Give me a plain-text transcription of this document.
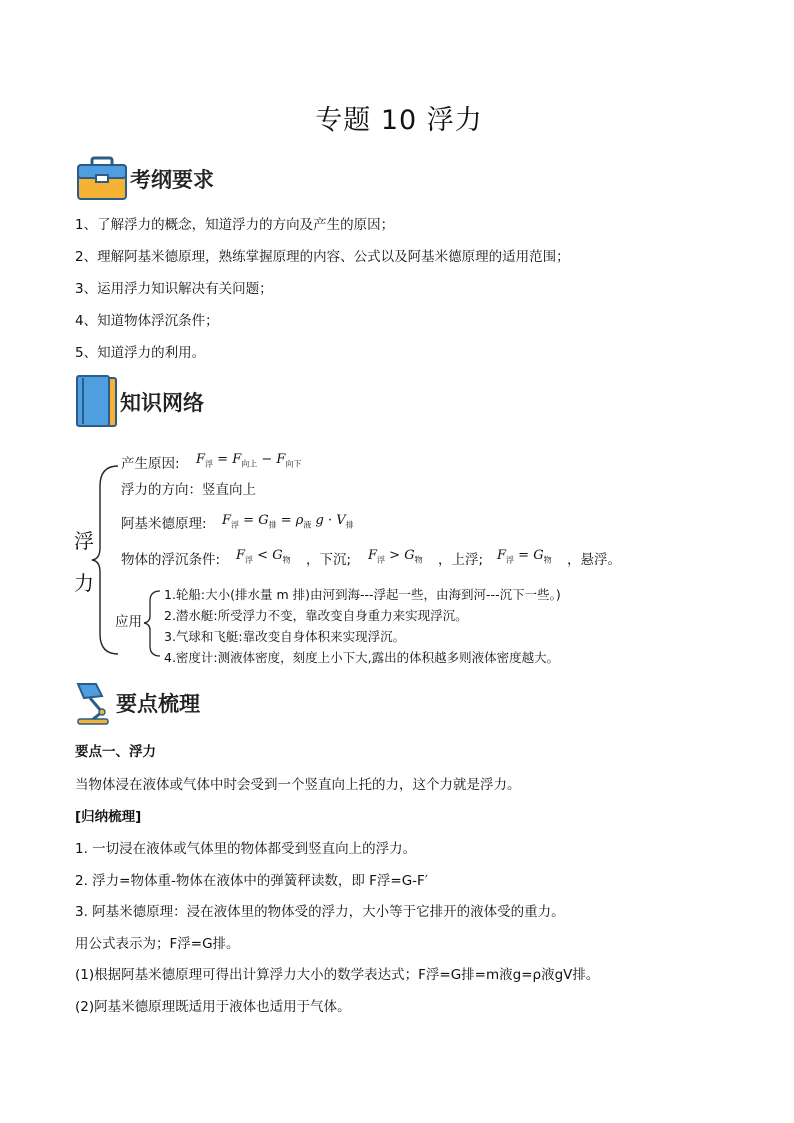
专题 10 浮力
考纲要求
1、了解浮力的概念，知道浮力的方向及产生的原因；
2、理解阿基米德原理，熟练掌握原理的内容、公式以及阿基米德原理的适用范围；
3、运用浮力知识解决有关问题；
4、知道物体浮沉条件；
5、知道浮力的利用。
知识网络
浮
力
产生原因: $F_浮 = F_{向上} - F_{向下}$
浮力的方向：竖直向上
阿基米德原理: $F_浮 = G_排 = \rho_液$ $g \cdot V_排$
物体的浮沉条件: $F_浮 < G_物$ ，下沉; $F_浮 > G_物$ ，上浮; $F_浮 = G_物$ ，悬浮。
应用
1.轮船:大小(排水量 m 排)由河到海---浮起一些，由海到河---沉下一些。)
2.潜水艇:所受浮力不变，靠改变自身重力来实现浮沉。
3.气球和飞艇:靠改变自身体积来实现浮沉。
4.密度计:测液体密度，刻度上小下大,露出的体积越多则液体密度越大。
要点梳理
要点一、浮力
当物体浸在液体或气体中时会受到一个竖直向上托的力，这个力就是浮力。
[归纳梳理]
1. 一切浸在液体或气体里的物体都受到竖直向上的浮力。
2. 浮力=物体重-物体在液体中的弹簧秤读数，即 F浮=G-F′
3. 阿基米德原理：浸在液体里的物体受的浮力，大小等于它排开的液体受的重力。
用公式表示为；F浮=G排。
(1)根据阿基米德原理可得出计算浮力大小的数学表达式；F浮=G排=m液g=ρ液gV排。
(2)阿基米德原理既适用于液体也适用于气体。
